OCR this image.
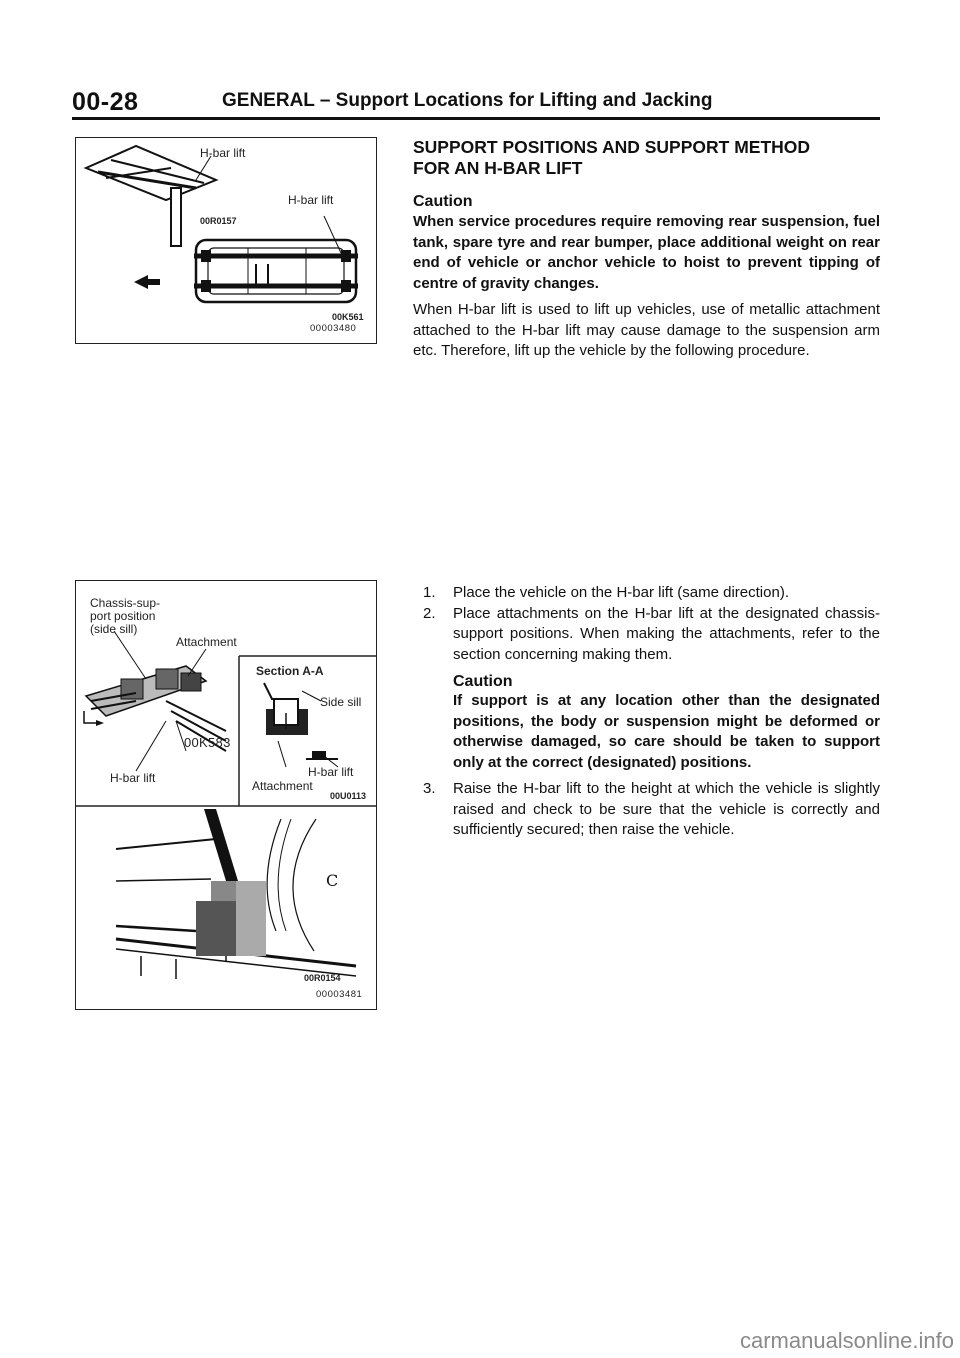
00-28	GENERAL – Support Locations for Lifting and Jacking
H-bar lift
H-bar lift
00R0157
00K561
00003480
C
Chassis-sup-
port position
(side sill)
Attachment
00K583
H-bar lift
Section A-A
Side sill
H-bar lift
Attachment
00U0113
00R0154
00003481
SUPPORT POSITIONS AND SUPPORT METHOD
FOR AN H-BAR LIFT
Caution
When service procedures require removing rear suspension, fuel tank, spare tyre and rear bumper, place additional weight on rear end of vehicle or anchor vehicle to hoist to prevent tipping of centre of gravity changes.
When H-bar lift is used to lift up vehicles, use of metallic attachment attached to the H-bar lift may cause damage to the suspension arm etc. Therefore, lift up the vehicle by the following procedure.
1. Place the vehicle on the H-bar lift (same direction).
2. Place attachments on the H-bar lift at the designated chassis-support positions. When making the attachments, refer to the section concerning making them.
Caution
If support is at any location other than the designated positions, the body or suspension might be deformed or otherwise damaged, so care should be taken to support only at the correct (designated) positions.
3. Raise the H-bar lift to the height at which the vehicle is slightly raised and check to be sure that the vehicle is correctly and sufficiently secured; then raise the vehicle.
carmanualsonline.info
